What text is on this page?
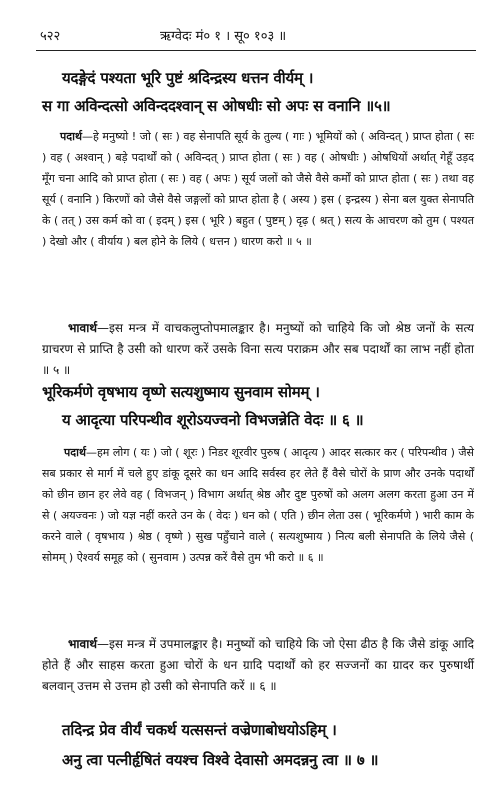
५२२	ऋग्वेदः मं० १ । सू० १०३ ॥
यदङ्गेदं पश्यता भूरि पुष्टं श्रदिन्द्रस्य धत्तन वीर्यम् ।
स गा अविन्दत्सो अविन्ददश्वान् स ओषधीः सो अपः स वनानि ॥५॥
पदार्थ—हे मनुष्यो ! जो ( सः ) वह सेनापति सूर्य के तुल्य ( गाः ) भूमियों को ( अविन्दत् ) प्राप्त होता ( सः ) वह ( अश्वान् ) बड़े पदार्थों को ( अविन्दत् ) प्राप्त होता ( सः ) वह ( ओषधीः ) ओषधियों अर्थात् गेहूँ उड़द मूँग चना आदि को प्राप्त होता ( सः ) वह ( अपः ) सूर्य जलों को जैसे वैसे कर्मों को प्राप्त होता ( सः ) तथा वह सूर्य ( वनानि ) किरणों को जैसे वैसे जङ्गलों को प्राप्त होता है ( अस्य ) इस ( इन्द्रस्य ) सेना बल युक्त सेनापति के ( तत् ) उस कर्म को वा ( इदम् ) इस ( भूरि ) बहुत ( पुष्टम् ) दृढ़ ( श्रत् ) सत्य के आचरण को तुम ( पश्यत ) देखो और ( वीर्याय ) बल होने के लिये ( धत्तन ) धारण करो ॥ ५ ॥
भावार्थ—इस मन्त्र में वाचकलुप्तोपमालङ्कार है। मनुष्यों को चाहिये कि जो श्रेष्ठ जनों के सत्य ग्राचरण से प्राप्ति है उसी को धारण करें उसके विना सत्य पराक्रम और सब पदार्थों का लाभ नहीं होता ॥ ५ ॥
भूरिकर्मणे वृषभाय वृष्णे सत्यशुष्माय सुनवाम सोमम् ।
य आदृत्या परिपन्थीव शूरोऽयज्वनो विभजन्नेति वेदः ॥ ६ ॥
पदार्थ—हम लोग ( यः ) जो ( शूरः ) निडर शूरवीर पुरुष ( आदृत्य ) आदर सत्कार कर ( परिपन्थीव ) जैसे सब प्रकार से मार्ग में चले हुए डांकू दूसरे का धन आदि सर्वस्व हर लेते हैं वैसे चोरों के प्राण और उनके पदार्थों को छीन छान हर लेवे वह ( विभजन् ) विभाग अर्थात् श्रेष्ठ और दुष्ट पुरुषों को अलग अलग करता हुआ उन में से ( अयज्वनः ) जो यज्ञ नहीं करते उन के ( वेदः ) धन को ( एति ) छीन लेता उस ( भूरिकर्मणे ) भारी काम के करने वाले ( वृषभाय ) श्रेष्ठ ( वृष्णे ) सुख पहुँचाने वाले ( सत्यशुष्माय ) नित्य बली सेनापति के लिये जैसे ( सोमम् ) ऐश्वर्य समूह को ( सुनवाम ) उत्पन्न करें वैसे तुम भी करो ॥ ६ ॥
भावार्थ—इस मन्त्र में उपमालङ्कार है। मनुष्यों को चाहिये कि जो ऐसा ढीठ है कि जैसे डांकू आदि होते हैं और साहस करता हुआ चोरों के धन ग्रादि पदार्थों को हर सज्जनों का ग्रादर कर पुरुषार्थी बलवान् उत्तम से उत्तम हो उसी को सेनापति करें ॥ ६ ॥
तदिन्द्र प्रेव वीर्यं चकर्थ यत्ससन्तं वज्रेणाबोधयोऽहिम् ।
अनु त्वा पत्नीर्हृषितं वयश्च विश्वे देवासो अमदन्ननु त्वा ॥ ७ ॥
